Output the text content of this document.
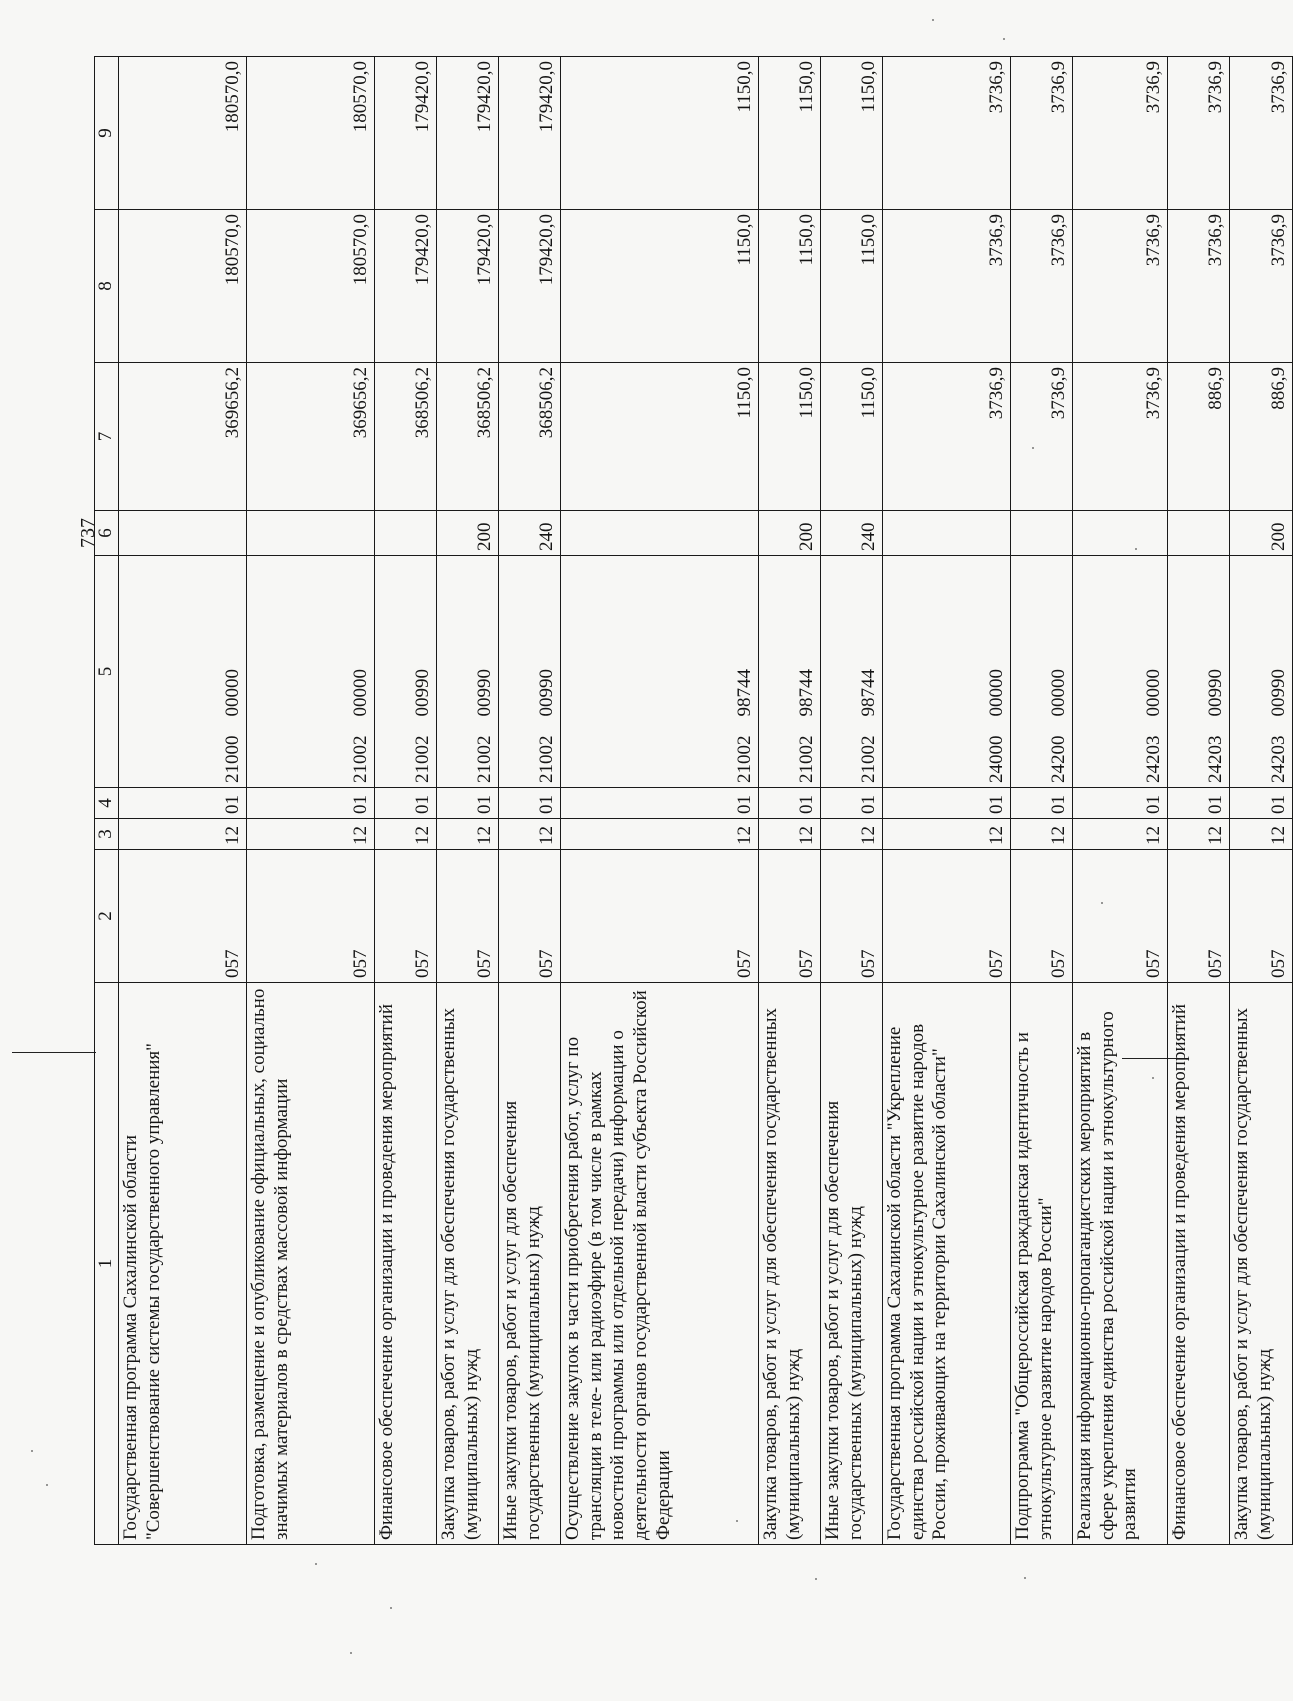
737
1	2	3	4	5	6	7	8	9
Государственная программа Сахалинской области "Совершенствование системы государственного управления"	057	12	01	21000    00000		369656,2	180570,0	180570,0
Подготовка, размещение и опубликование официальных, социально значимых материалов в средствах массовой информации	057	12	01	21002    00000		369656,2	180570,0	180570,0
Финансовое обеспечение организации и проведения мероприятий	057	12	01	21002    00990		368506,2	179420,0	179420,0
Закупка товаров, работ и услуг для обеспечения государственных (муниципальных) нужд	057	12	01	21002    00990	200	368506,2	179420,0	179420,0
Иные закупки товаров, работ и услуг для обеспечения государственных (муниципальных) нужд	057	12	01	21002    00990	240	368506,2	179420,0	179420,0
Осуществление закупок в части приобретения работ, услуг по трансляции в теле- или радиоэфире (в том числе в рамках новостной программы или отдельной передачи) информации о деятельности органов государственной власти субъекта Российской Федерации	057	12	01	21002    98744		1150,0	1150,0	1150,0
Закупка товаров, работ и услуг для обеспечения государственных (муниципальных) нужд	057	12	01	21002    98744	200	1150,0	1150,0	1150,0
Иные закупки товаров, работ и услуг для обеспечения государственных (муниципальных) нужд	057	12	01	21002    98744	240	1150,0	1150,0	1150,0
Государственная программа Сахалинской области "Укрепление единства российской нации и этнокультурное развитие народов России, проживающих на территории Сахалинской области"	057	12	01	24000    00000		3736,9	3736,9	3736,9
Подпрограмма "Общероссийская гражданская идентичность и этнокультурное развитие народов России"	057	12	01	24200    00000		3736,9	3736,9	3736,9
Реализация информационно-пропагандистских мероприятий в сфере укрепления единства российской нации и этнокультурного развития	057	12	01	24203    00000		3736,9	3736,9	3736,9
Финансовое обеспечение организации и проведения мероприятий	057	12	01	24203    00990		886,9	3736,9	3736,9
Закупка товаров, работ и услуг для обеспечения государственных (муниципальных) нужд	057	12	01	24203    00990	200	886,9	3736,9	3736,9
